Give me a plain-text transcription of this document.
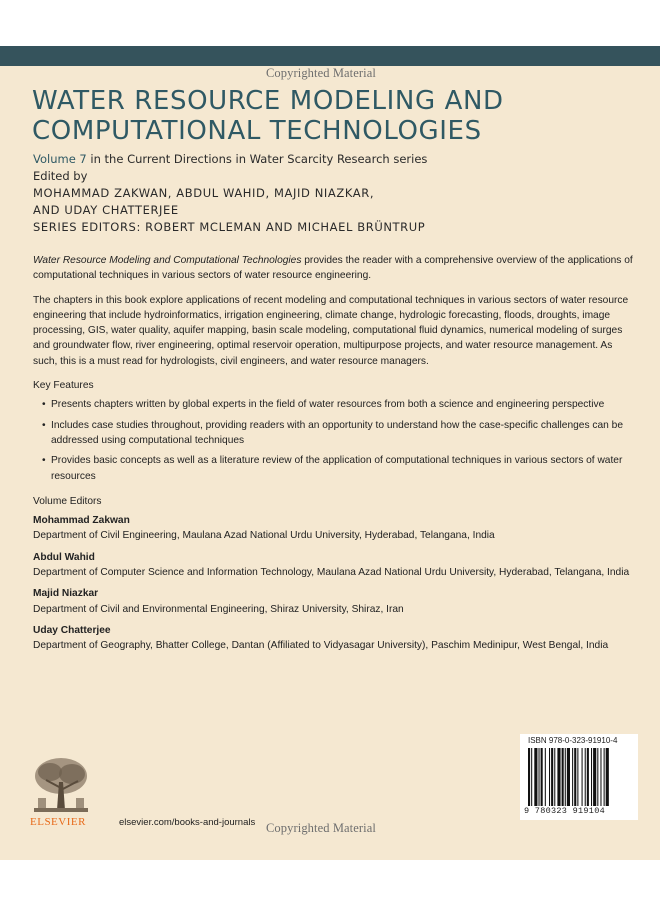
Copyrighted Material
WATER RESOURCE MODELING AND
COMPUTATIONAL TECHNOLOGIES
Volume 7 in the Current Directions in Water Scarcity Research series
Edited by
MOHAMMAD ZAKWAN, ABDUL WAHID, MAJID NIAZKAR,
AND UDAY CHATTERJEE
SERIES EDITORS: ROBERT MCLEMAN AND MICHAEL BRÜNTRUP

Water Resource Modeling and Computational Technologies provides the reader with a comprehensive overview of the applications of computational techniques in various sectors of water resource engineering.

The chapters in this book explore applications of recent modeling and computational techniques in various sectors of water resource engineering that include hydroinformatics, irrigation engineering, climate change, hydrologic forecasting, floods, droughts, image processing, GIS, water quality, aquifer mapping, basin scale modeling, computational fluid dynamics, numerical modeling of surges and groundwater flow, river engineering, optimal reservoir operation, multipurpose projects, and water resource management. As such, this is a must read for hydrologists, civil engineers, and water resource managers.

Key Features
• Presents chapters written by global experts in the field of water resources from both a science and engineering perspective
• Includes case studies throughout, providing readers with an opportunity to understand how the case-specific challenges can be addressed using computational techniques
• Provides basic concepts as well as a literature review of the application of computational techniques in various sectors of water resources
Volume Editors
Mohammad Zakwan
Department of Civil Engineering, Maulana Azad National Urdu University, Hyderabad, Telangana, India
Abdul Wahid
Department of Computer Science and Information Technology, Maulana Azad National Urdu University, Hyderabad, Telangana, India
Majid Niazkar
Department of Civil and Environmental Engineering, Shiraz University, Shiraz, Iran
Uday Chatterjee
Department of Geography, Bhatter College, Dantan (Affiliated to Vidyasagar University), Paschim Medinipur, West Bengal, India
ELSEVIER	elsevier.com/books-and-journals Copyrighted Material
ISBN 978-0-323-91910-4
9 780323 919104
